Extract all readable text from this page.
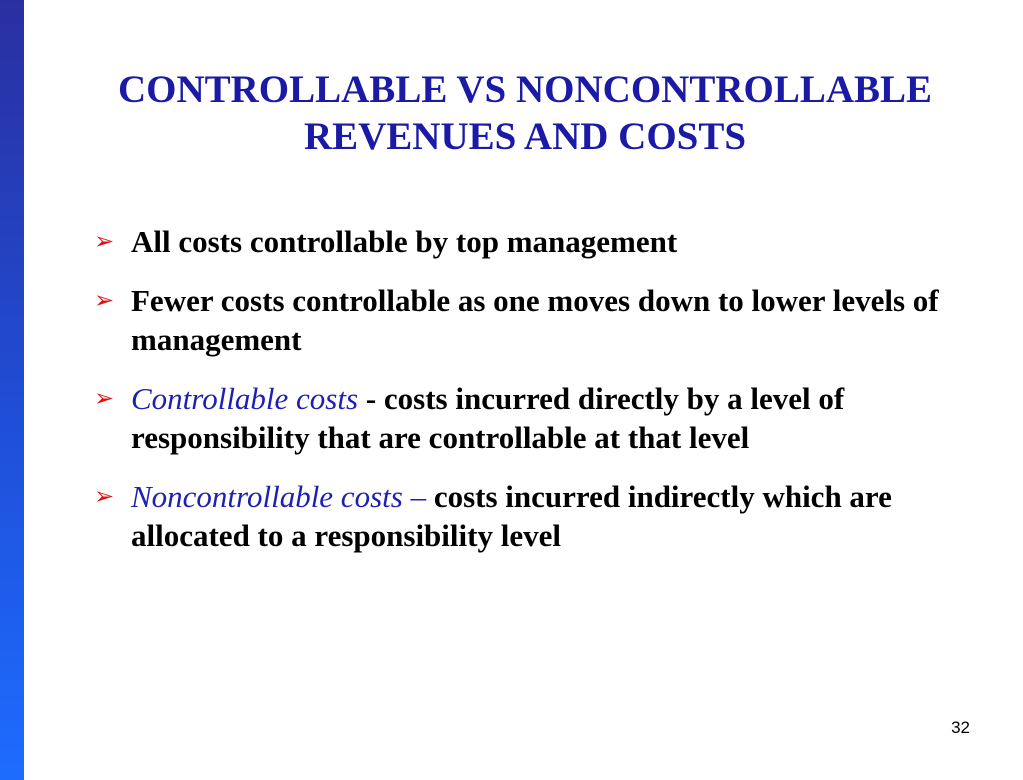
CONTROLLABLE VS NONCONTROLLABLE
REVENUES AND COSTS
➢ All costs controllable by top management
➢ Fewer costs controllable as one moves down to lower levels of management
➢ Controllable costs - costs incurred directly by a level of responsibility that are controllable at that level
➢ Noncontrollable costs – costs incurred indirectly which are allocated to a responsibility level
32
